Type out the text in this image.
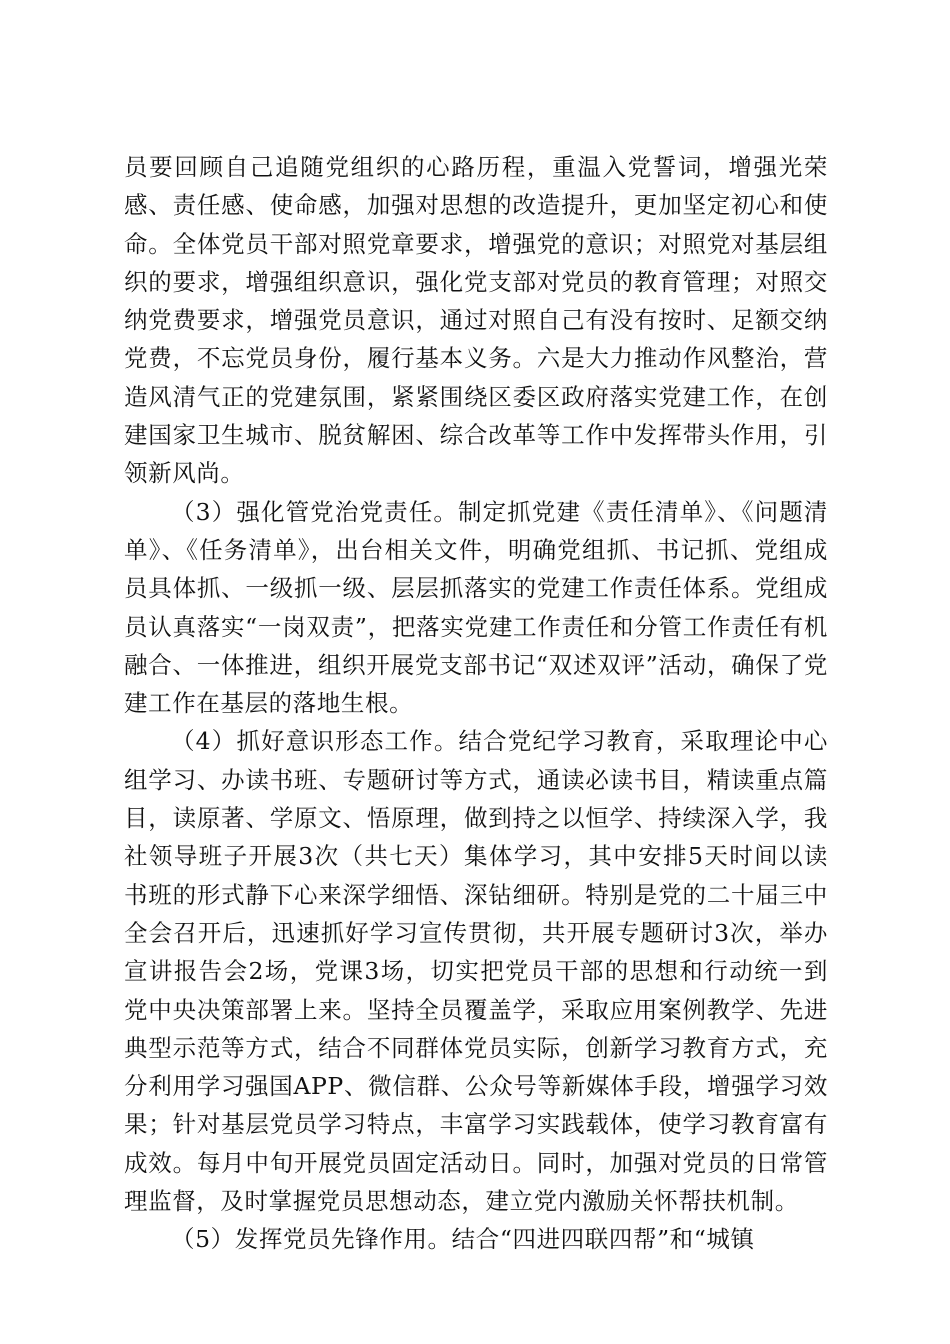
员要回顾自己追随党组织的心路历程，重温入党誓词，增强光荣感、责任感、使命感，加强对思想的改造提升，更加坚定初心和使命。全体党员干部对照党章要求，增强党的意识；对照党对基层组织的要求，增强组织意识，强化党支部对党员的教育管理；对照交纳党费要求，增强党员意识，通过对照自己有没有按时、足额交纳党费，不忘党员身份，履行基本义务。六是大力推动作风整治，营造风清气正的党建氛围，紧紧围绕区委区政府落实党建工作，在创建国家卫生城市、脱贫解困、综合改革等工作中发挥带头作用，引领新风尚。

（3）强化管党治党责任。制定抓党建《责任清单》、《问题清单》、《任务清单》，出台相关文件，明确党组抓、书记抓、党组成员具体抓、一级抓一级、层层抓落实的党建工作责任体系。党组成员认真落实“一岗双责”，把落实党建工作责任和分管工作责任有机融合、一体推进，组织开展党支部书记“双述双评”活动，确保了党建工作在基层的落地生根。

（4）抓好意识形态工作。结合党纪学习教育，采取理论中心组学习、办读书班、专题研讨等方式，通读必读书目，精读重点篇目，读原著、学原文、悟原理，做到持之以恒学、持续深入学，我社领导班子开展3次（共七天）集体学习，其中安排5天时间以读书班的形式静下心来深学细悟、深钻细研。特别是党的二十届三中全会召开后，迅速抓好学习宣传贯彻，共开展专题研讨3次，举办宣讲报告会2场，党课3场，切实把党员干部的思想和行动统一到党中央决策部署上来。坚持全员覆盖学，采取应用案例教学、先进典型示范等方式，结合不同群体党员实际，创新学习教育方式，充分利用学习强国APP、微信群、公众号等新媒体手段，增强学习效果；针对基层党员学习特点，丰富学习实践载体，使学习教育富有成效。每月中旬开展党员固定活动日。同时，加强对党员的日常管理监督，及时掌握党员思想动态，建立党内激励关怀帮扶机制。

（5）发挥党员先锋作用。结合“四进四联四帮”和“城镇
